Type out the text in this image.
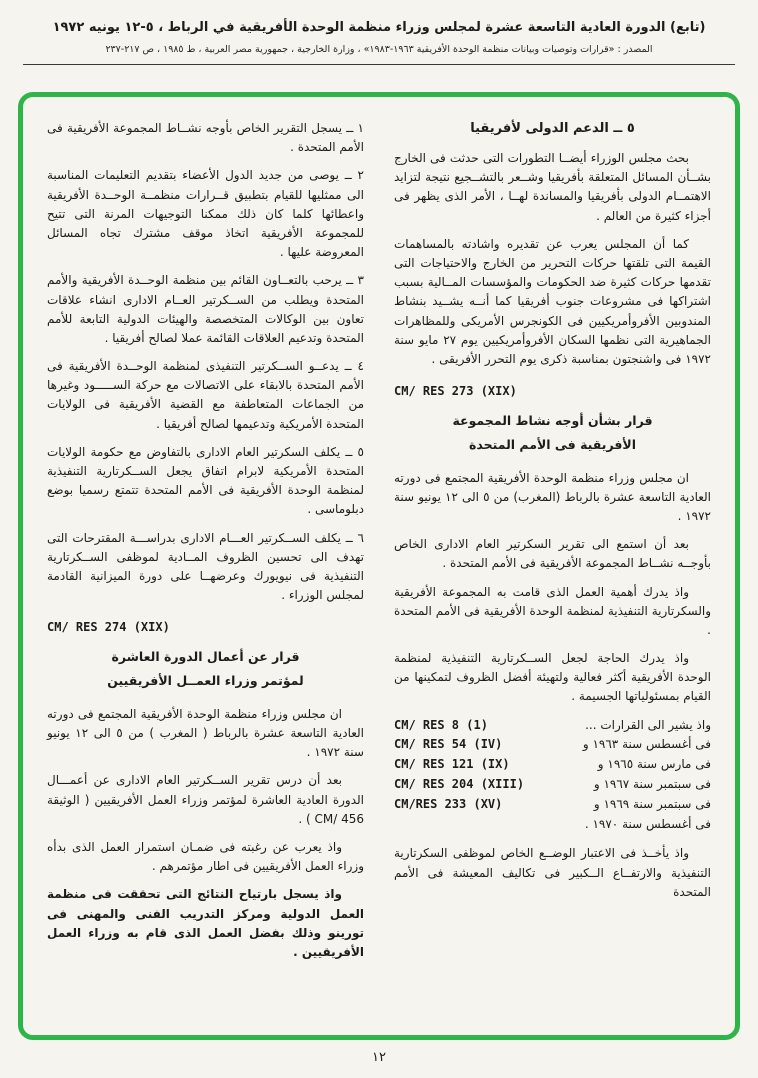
(تابع) الدورة العادية التاسعة عشرة لمجلس وزراء منظمة الوحدة الأفريقية في الرباط ، ٥-١٢ يونيه ١٩٧٢
المصدر : «قرارات وتوصيات وبيانات منظمة الوحدة الأفريقية ١٩٦٣-١٩٨٣» ، وزارة الخارجية ، جمهورية مصر العربية ، ط ١٩٨٥ ، ص ٢١٧-٢٣٧
٥ ــ الدعم الدولى لأفريقيا

بحث مجلس الوزراء أيضــا التطورات التى حدثت فى الخارج بشــأن المسائل المتعلقة بأفريقيا وشــعر بالتشــجيع نتيجة لتزايد الاهتمــام الدولى بأفريقيا والمساندة لهــا ، الأمر الذى يظهر فى أجزاء كثيرة من العالم .

كما أن المجلس يعرب عن تقديره واشادته بالمساهمات القيمة التى تلقتها حركات التحرير من الخارج والاحتياجات التى تقدمها حركات كثيرة ضد الحكومات والمؤسسات المــالية بسبب اشتراكها فى مشروعات جنوب أفريقيا كما أنــه يشــيد بنشاط المندوبين الأفروأمريكيين فى الكونجرس الأمريكى وللمظاهرات الجماهيرية التى نظمها السكان الأفروأمريكيين يوم ٢٧ مايو سنة ١٩٧٢ فى واشنجتون بمناسبة ذكرى يوم التحرر الأفريقى .

CM/ RES 273 (XIX)
قرار بشأن أوجه نشاط المجموعة
الأفريقية فى الأمم المتحدة

ان مجلس وزراء منظمة الوحدة الأفريقية المجتمع فى دورته العادية التاسعة عشرة بالرباط (المغرب) من ٥ الى ١٢ يونيو سنة ١٩٧٢ .

بعد أن استمع الى تقرير السكرتير العام الادارى الخاص بأوجــه نشــاط المجموعة الأفريقية فى الأمم المتحدة .

واذ يدرك أهمية العمل الذى قامت به المجموعة الأفريقية والسكرتارية التنفيذية لمنظمة الوحدة الأفريقية فى الأمم المتحدة .

واذ يدرك الحاجة لجعل الســكرتارية التنفيذية لمنظمة الوحدة الأفريقية أكثر فعالية ولتهيئة أفضل الظروف لتمكينها من القيام بمسئولياتها الجسيمة .

CM/ RES 8 (1)	واذ يشير الى القرارات ...
CM/ RES 54 (IV)	فى أغسطس سنة ١٩٦٣ و
CM/ RES 121 (IX)	فى مارس سنة ١٩٦٥ و
CM/ RES 204 (XIII)	فى سبتمبر سنة ١٩٦٧ و
CM/RES 233 (XV)	فى سبتمبر سنة ١٩٦٩ و
فى أغسطس سنة ١٩٧٠ .

واذ يأخــذ فى الاعتبار الوضــع الخاص لموظفى السكرتارية التنفيذية والارتفــاع الــكبير فى تكاليف المعيشة فى الأمم المتحدة

١ ــ يسجل التقرير الخاص بأوجه نشــاط المجموعة الأفريقية فى الأمم المتحدة .

٢ ــ يوصى من جديد الدول الأعضاء بتقديم التعليمات المناسبة الى ممثليها للقيام بتطبيق قــرارات منظمــة الوحــدة الأفريقية واعطائها كلما كان ذلك ممكنا التوجيهات المرنة التى تتيح للمجموعة الأفريقية اتخاذ موقف مشترك تجاه المسائل المعروضة عليها .

٣ ــ يرحب بالتعــاون القائم بين منظمة الوحــدة الأفريقية والأمم المتحدة ويطلب من الســكرتير العــام الادارى انشاء علاقات تعاون بين الوكالات المتخصصة والهيئات الدولية التابعة للأمم المتحدة وتدعيم العلاقات القائمة عملا لصالح أفريقيا .

٤ ــ يدعــو الســكرتير التنفيذى لمنظمة الوحــدة الأفريقية فى الأمم المتحدة بالابقاء على الاتصالات مع حركة الســـــود وغيرها من الجماعات المتعاطفة مع القضية الأفريقية فى الولايات المتحدة الأمريكية وتدعيمها لصالح أفريقيا .

٥ ــ يكلف السكرتير العام الادارى بالتفاوض مع حكومة الولايات المتحدة الأمريكية لابرام اتفاق يجعل الســكرتارية التنفيذية لمنظمة الوحدة الأفريقية فى الأمم المتحدة تتمتع رسميا بوضع دبلوماسى .

٦ ــ يكلف الســكرتير العـــام الادارى بدراســـة المقترحات التى تهدف الى تحسين الظروف المــادية لموظفى الســكرتارية التنفيذية فى نيويورك وعرضهــا على دورة الميزانية القادمة لمجلس الوزراء .

CM/ RES 274 (XIX)
قرار عن أعمال الدورة العاشرة
لمؤتمر وزراء العمــل الأفريقيين

ان مجلس وزراء منظمة الوحدة الأفريقية المجتمع فى دورته العادية التاسعة عشرة بالرباط ( المغرب ) من ٥ الى ١٢ يونيو سنة ١٩٧٢ .

بعد أن درس تقرير الســكرتير العام الادارى عن أعمـــال الدورة العادية العاشرة لمؤتمر وزراء العمل الأفريقيين ( الوثيقة CM/ 456 ) .

واذ يعرب عن رغبته فى ضمـان استمرار العمل الذى بدأه وزراء العمل الأفريقيين فى اطار مؤتمرهم .

واذ يسجل بارتياح النتائج التى تحققت فى منظمة العمل الدولية ومركز التدريب الفنى والمهنى فى تورينو وذلك بفضل العمل الذى قام به وزراء العمل الأفريقيين .

١٢
